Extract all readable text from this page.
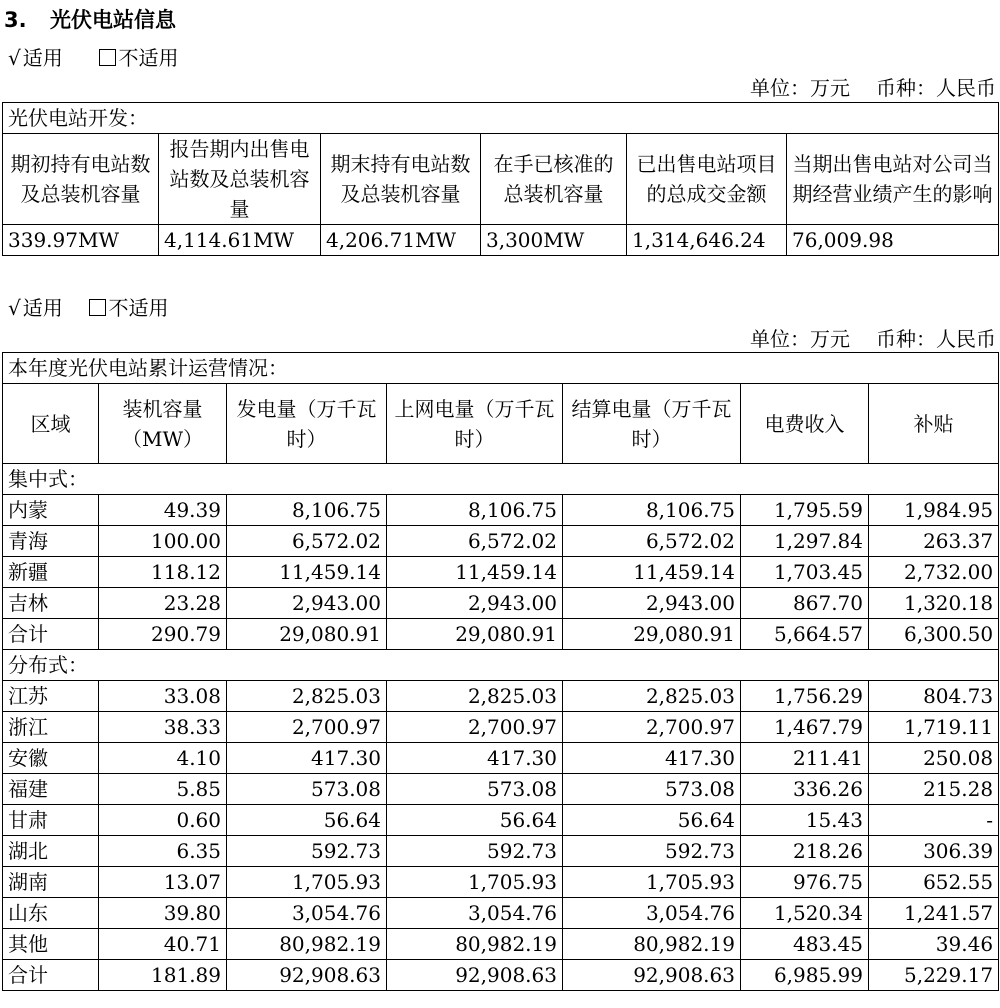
3. 光伏电站信息
√ 适用	不适用
单位：万元 币种：人民币
光伏电站开发：					
期初持有电站数及总装机容量	报告期内出售电站数及总装机容量	期末持有电站数及总装机容量	在手已核准的总装机容量	已出售电站项目的总成交金额	当期出售电站对公司当期经营业绩产生的影响
339.97MW	4,114.61MW	4,206.71MW	3,300MW	1,314,646.24	76,009.98
√ 适用 不适用
单位：万元 币种：人民币
本年度光伏电站累计运营情况：						
区域	装机容量（MW）	发电量（万千瓦时）	上网电量（万千瓦时）	结算电量（万千瓦时）	电费收入	补贴
集中式：						
内蒙	49.39	8,106.75	8,106.75	8,106.75	1,795.59	1,984.95
青海	100.00	6,572.02	6,572.02	6,572.02	1,297.84	263.37
新疆	118.12	11,459.14	11,459.14	11,459.14	1,703.45	2,732.00
吉林	23.28	2,943.00	2,943.00	2,943.00	867.70	1,320.18
合计	290.79	29,080.91	29,080.91	29,080.91	5,664.57	6,300.50
分布式：						
江苏	33.08	2,825.03	2,825.03	2,825.03	1,756.29	804.73
浙江	38.33	2,700.97	2,700.97	2,700.97	1,467.79	1,719.11
安徽	4.10	417.30	417.30	417.30	211.41	250.08
福建	5.85	573.08	573.08	573.08	336.26	215.28
甘肃	0.60	56.64	56.64	56.64	15.43	-
湖北	6.35	592.73	592.73	592.73	218.26	306.39
湖南	13.07	1,705.93	1,705.93	1,705.93	976.75	652.55
山东	39.80	3,054.76	3,054.76	3,054.76	1,520.34	1,241.57
其他	40.71	80,982.19	80,982.19	80,982.19	483.45	39.46
合计	181.89	92,908.63	92,908.63	92,908.63	6,985.99	5,229.17
